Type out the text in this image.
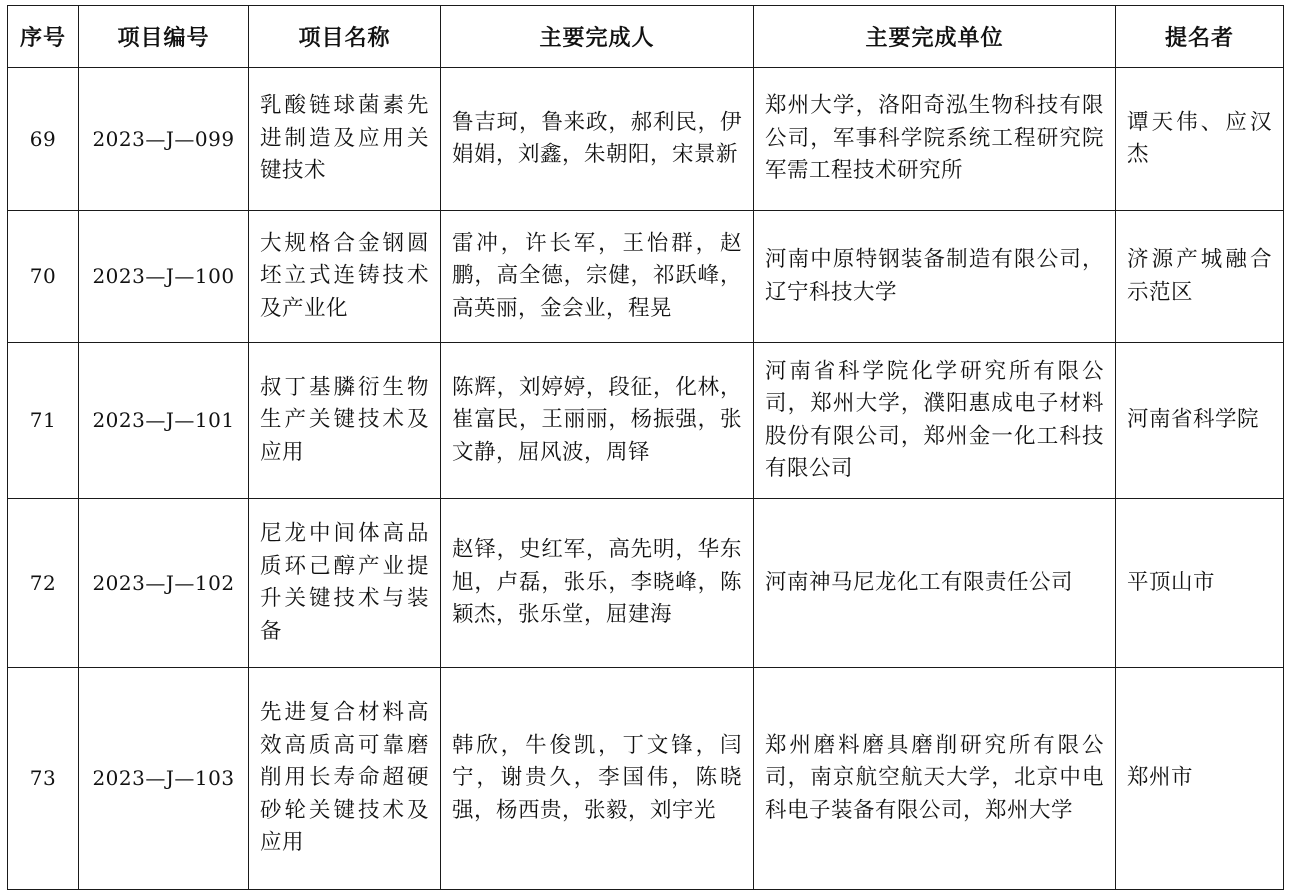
序号	项目编号	项目名称	主要完成人	主要完成单位	提名者
69	2023—J—099	乳酸链球菌素先进制造及应用关键技术	鲁吉珂，鲁来政，郝利民，伊娟娟，刘鑫，朱朝阳，宋景新	郑州大学，洛阳奇泓生物科技有限公司，军事科学院系统工程研究院军需工程技术研究所	谭天伟、应汉杰
70	2023—J—100	大规格合金钢圆坯立式连铸技术及产业化	雷冲，许长军，王怡群，赵鹏，高全德，宗健，祁跃峰，高英丽，金会业，程晃	河南中原特钢装备制造有限公司，辽宁科技大学	济源产城融合示范区
71	2023—J—101	叔丁基膦衍生物生产关键技术及应用	陈辉，刘婷婷，段征，化林，崔富民，王丽丽，杨振强，张文静，屈风波，周铎	河南省科学院化学研究所有限公司，郑州大学，濮阳惠成电子材料股份有限公司，郑州金一化工科技有限公司	河南省科学院
72	2023—J—102	尼龙中间体高品质环己醇产业提升关键技术与装备	赵铎，史红军，高先明，华东旭，卢磊，张乐，李晓峰，陈颖杰，张乐堂，屈建海	河南神马尼龙化工有限责任公司	平顶山市
73	2023—J—103	先进复合材料高效高质高可靠磨削用长寿命超硬砂轮关键技术及应用	韩欣，牛俊凯，丁文锋，闫宁，谢贵久，李国伟，陈晓强，杨西贵，张毅，刘宇光	郑州磨料磨具磨削研究所有限公司，南京航空航天大学，北京中电科电子装备有限公司，郑州大学	郑州市
